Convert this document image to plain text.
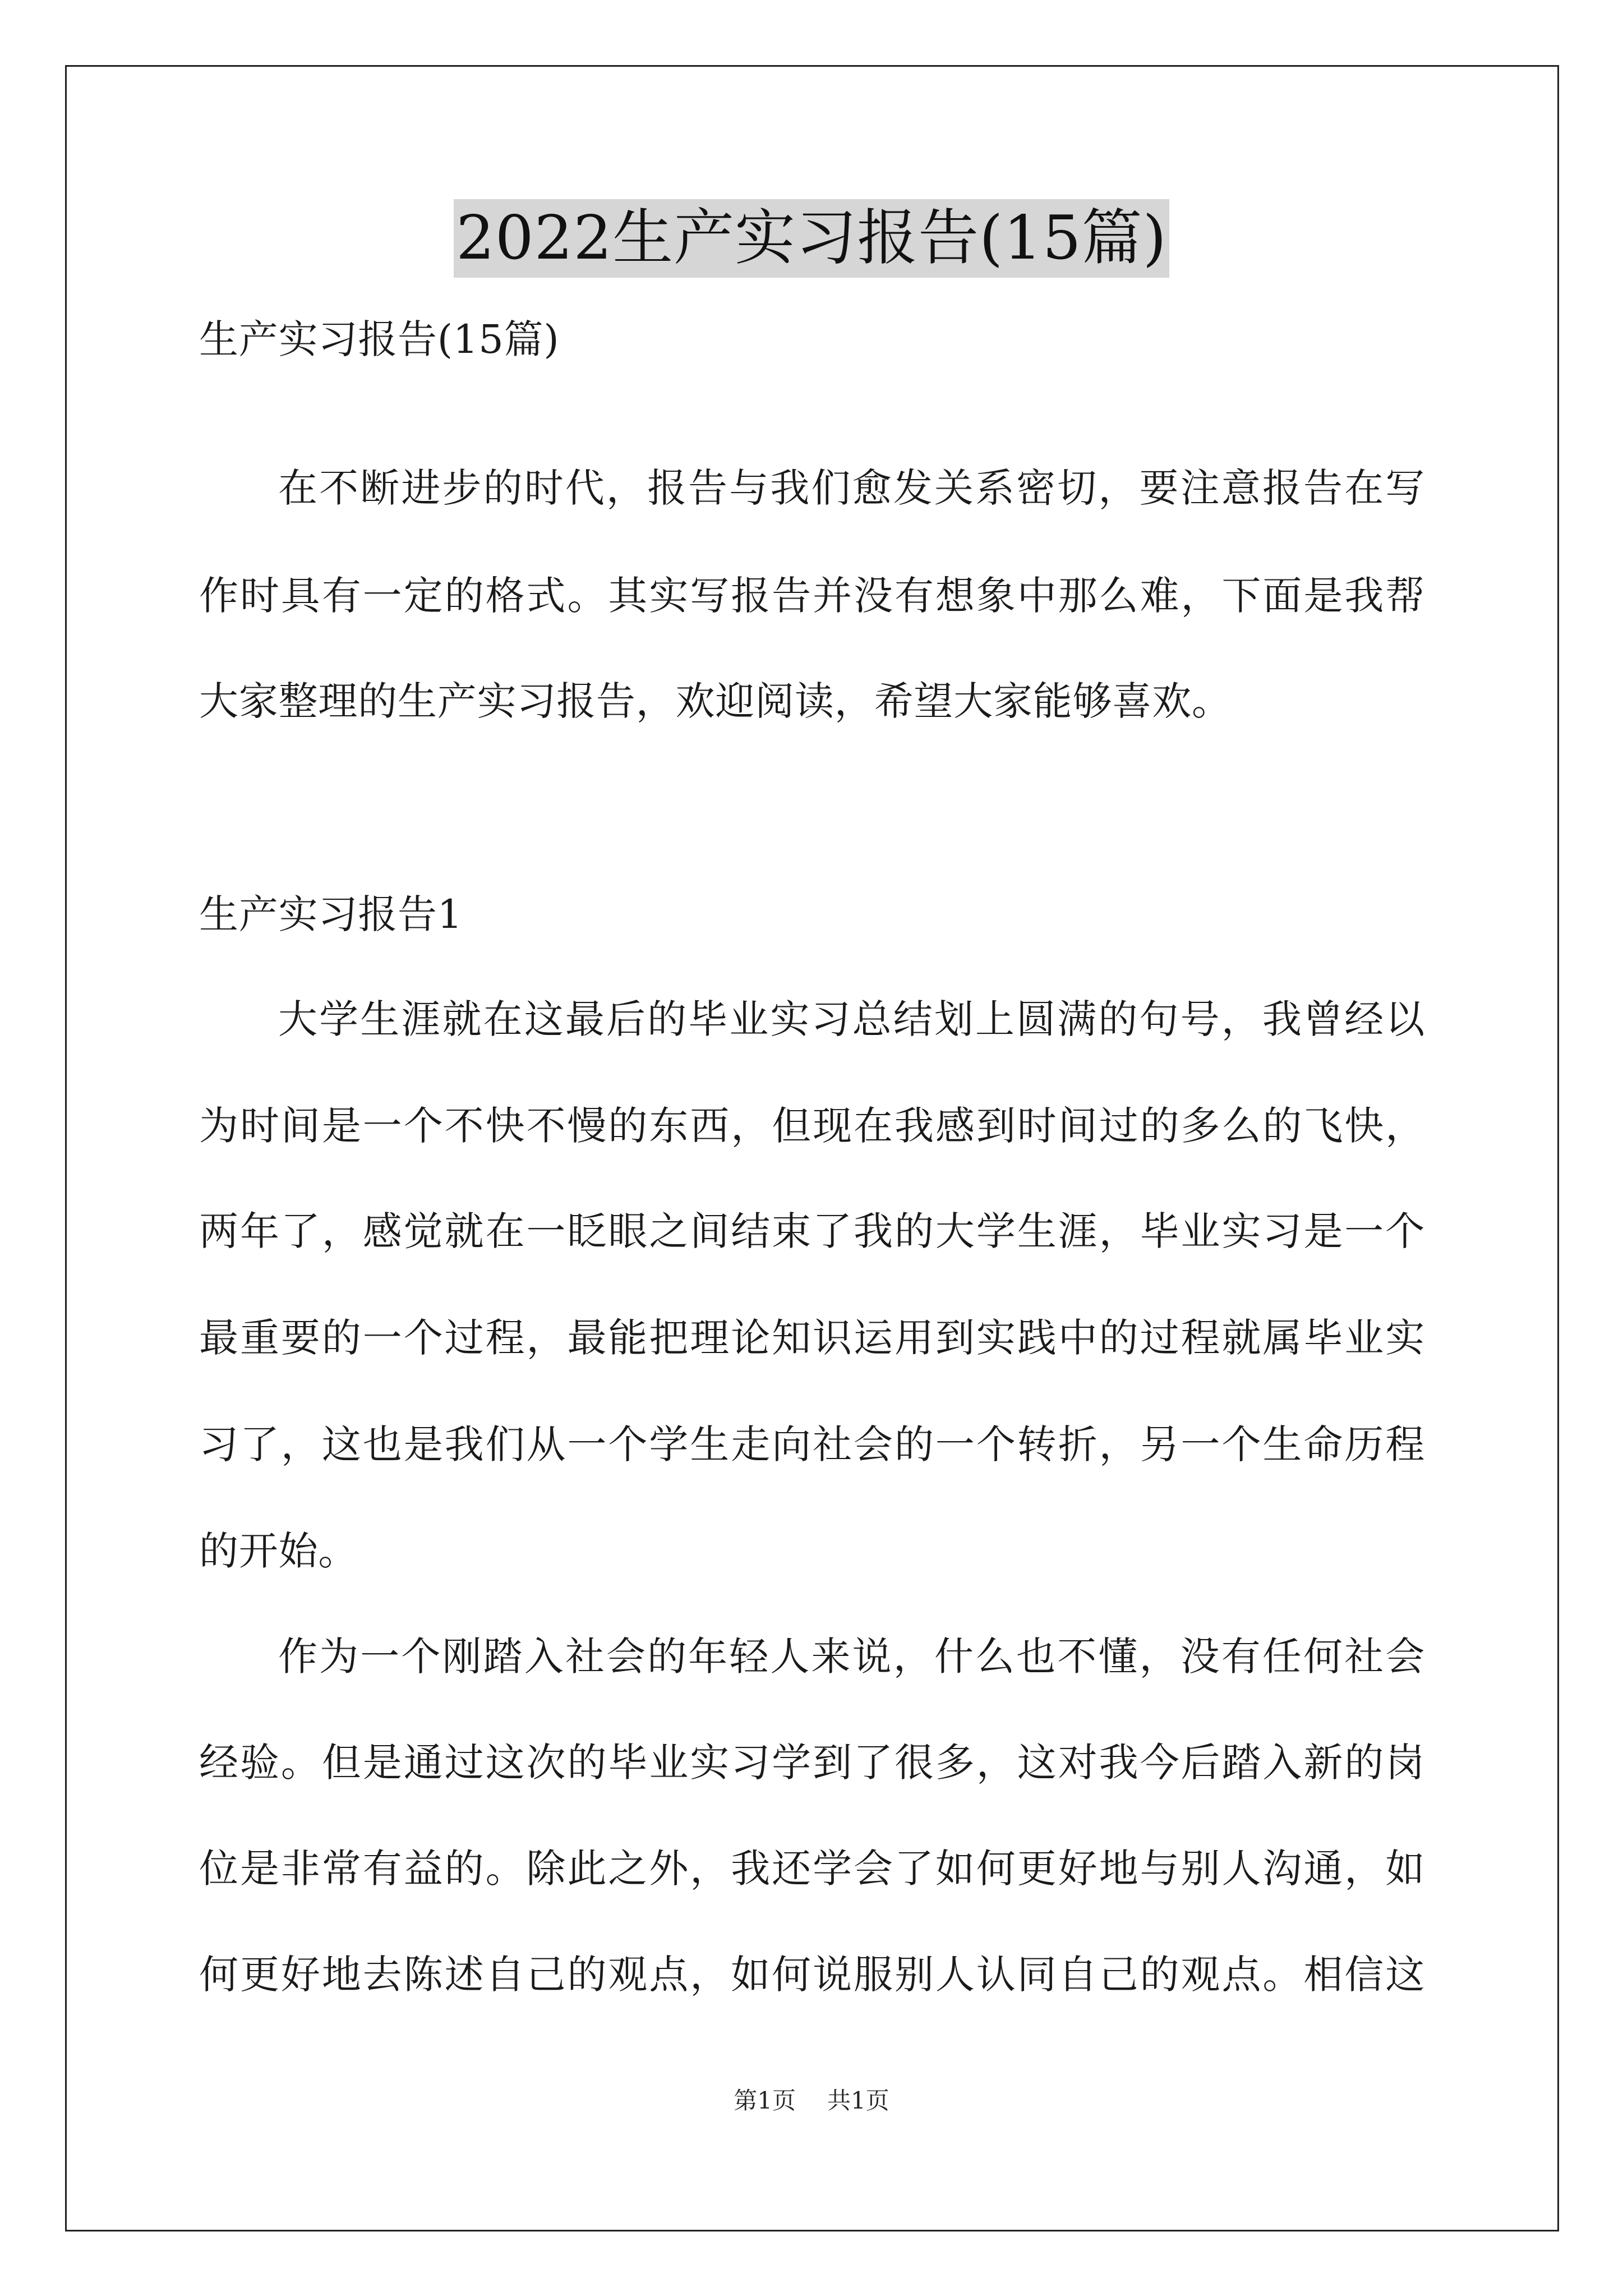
2022生产实习报告(15篇)
生产实习报告(15篇)
在不断进步的时代，报告与我们愈发关系密切，要注意报告在写
作时具有一定的格式。其实写报告并没有想象中那么难，下面是我帮
大家整理的生产实习报告，欢迎阅读，希望大家能够喜欢。
生产实习报告1
大学生涯就在这最后的毕业实习总结划上圆满的句号，我曾经以
为时间是一个不快不慢的东西，但现在我感到时间过的多么的飞快，
两年了，感觉就在一眨眼之间结束了我的大学生涯，毕业实习是一个
最重要的一个过程，最能把理论知识运用到实践中的过程就属毕业实
习了，这也是我们从一个学生走向社会的一个转折，另一个生命历程
的开始。
作为一个刚踏入社会的年轻人来说，什么也不懂，没有任何社会
经验。但是通过这次的毕业实习学到了很多，这对我今后踏入新的岗
位是非常有益的。除此之外，我还学会了如何更好地与别人沟通，如
何更好地去陈述自己的观点，如何说服别人认同自己的观点。相信这
第1页 共1页
